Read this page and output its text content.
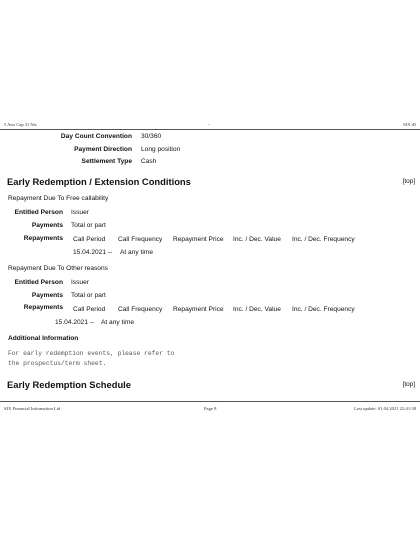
5 Avis Cap 31 Nts	-	SIX iD
Day Count Convention 30/360
Payment Direction Long position
Settlement Type Cash
Early Redemption / Extension Conditions	[top]
Repayment Due To Free callability
Entitled Person Issuer
Payments Total or part
Repayments Call Period Call Frequency Repayment Price Inc. / Dec. Value Inc. / Dec. Frequency
15.04.2021 -- At any time
Repayment Due To Other reasons
Entitled Person Issuer
Payments Total or part
Repayments Call Period Call Frequency Repayment Price Inc. / Dec. Value Inc. / Dec. Frequency
15.04.2021 -- At any time
Additional Information
For early redemption events, please refer to
the prospectus/term sheet.
Early Redemption Schedule	[top]
SIX Financial Information Ltd	Page 8	Last update: 01.04.2021 22:41:38
